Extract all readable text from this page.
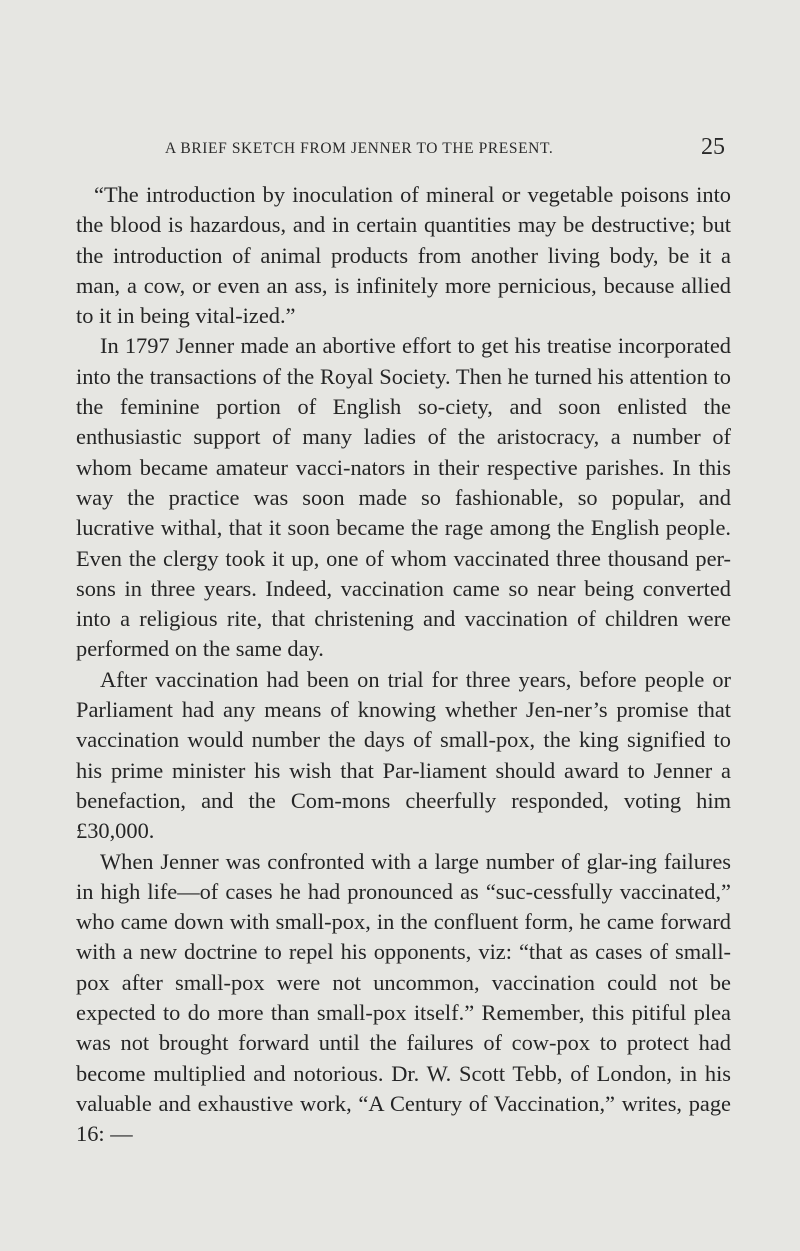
A BRIEF SKETCH FROM JENNER TO THE PRESENT.	25

“The introduction by inoculation of mineral or vegetable poisons into the blood is hazardous, and in certain quantities may be destructive; but the introduction of animal products from another living body, be it a man, a cow, or even an ass, is infinitely more pernicious, because allied to it in being vital-ized.”

In 1797 Jenner made an abortive effort to get his treatise incorporated into the transactions of the Royal Society. Then he turned his attention to the feminine portion of English so-ciety, and soon enlisted the enthusiastic support of many ladies of the aristocracy, a number of whom became amateur vacci-nators in their respective parishes. In this way the practice was soon made so fashionable, so popular, and lucrative withal, that it soon became the rage among the English people. Even the clergy took it up, one of whom vaccinated three thousand per-sons in three years. Indeed, vaccination came so near being converted into a religious rite, that christening and vaccination of children were performed on the same day.

After vaccination had been on trial for three years, before people or Parliament had any means of knowing whether Jen-ner’s promise that vaccination would number the days of small-pox, the king signified to his prime minister his wish that Par-liament should award to Jenner a benefaction, and the Com-mons cheerfully responded, voting him £30,000.

When Jenner was confronted with a large number of glar-ing failures in high life—of cases he had pronounced as “suc-cessfully vaccinated,” who came down with small-pox, in the confluent form, he came forward with a new doctrine to repel his opponents, viz: “that as cases of small-pox after small-pox were not uncommon, vaccination could not be expected to do more than small-pox itself.” Remember, this pitiful plea was not brought forward until the failures of cow-pox to protect had become multiplied and notorious. Dr. W. Scott Tebb, of London, in his valuable and exhaustive work, “A Century of Vaccination,” writes, page 16: —
